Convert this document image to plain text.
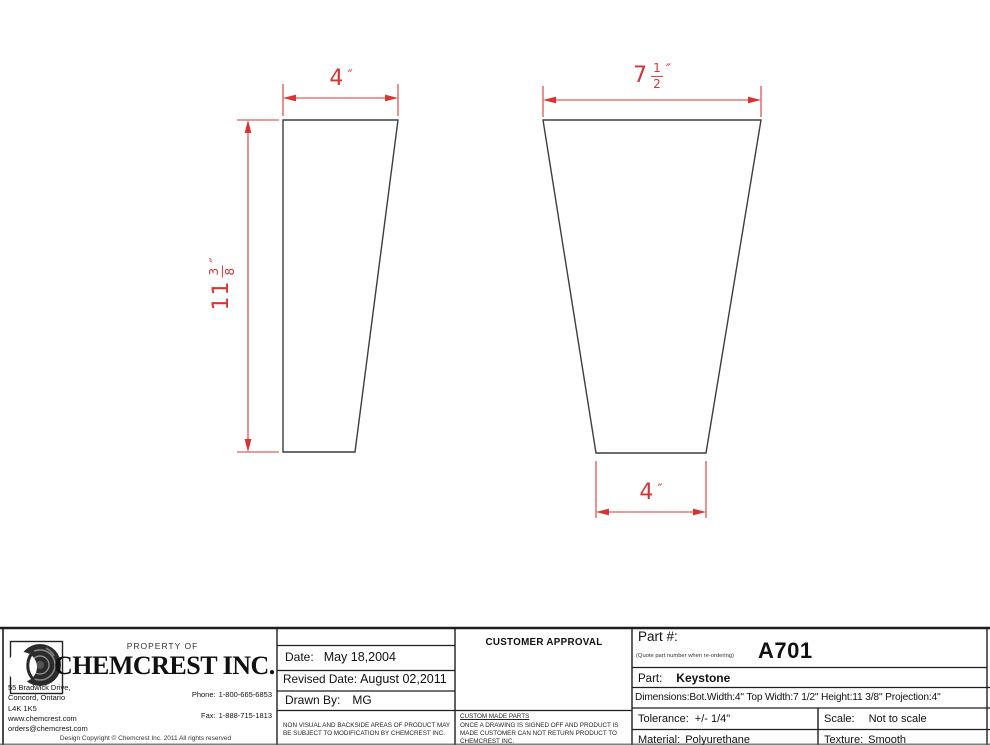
4 ″
11
3 8
″
$7 \frac{1}{2}$ ″
4 ″
PROPERTY OF
CHEMCREST INC.
55 Bradwick Drive,
Concord, Ontario
L4K 1K5
www.chemcrest.com
orders@chemcrest.com
Phone: 1-800-665-6853
Fax: 1-888-715-1813
Design Copyright © Chemcrest Inc. 2011 All rights reserved
Date: May 18,2004
Revised Date: August 02,2011
Drawn By: MG
NON VISUAL AND BACKSIDE AREAS OF PRODUCT MAY BE SUBJECT TO MODIFICATION BY CHEMCREST INC.
CUSTOMER APPROVAL
CUSTOM MADE PARTS
ONCE A DRAWING IS SIGNED OFF AND PRODUCT IS MADE CUSTOMER CAN NOT RETURN PRODUCT TO CHEMCREST INC.
Part #:
(Quote part number when re-ordering) A701
Part: Keystone
Dimensions:Bot.Width:4" Top Width:7 1/2" Height:11 3/8" Projection:4"
Tolerance: +/- 1/4"	Scale: Not to scale
Material: Polyurethane	Texture: Smooth
